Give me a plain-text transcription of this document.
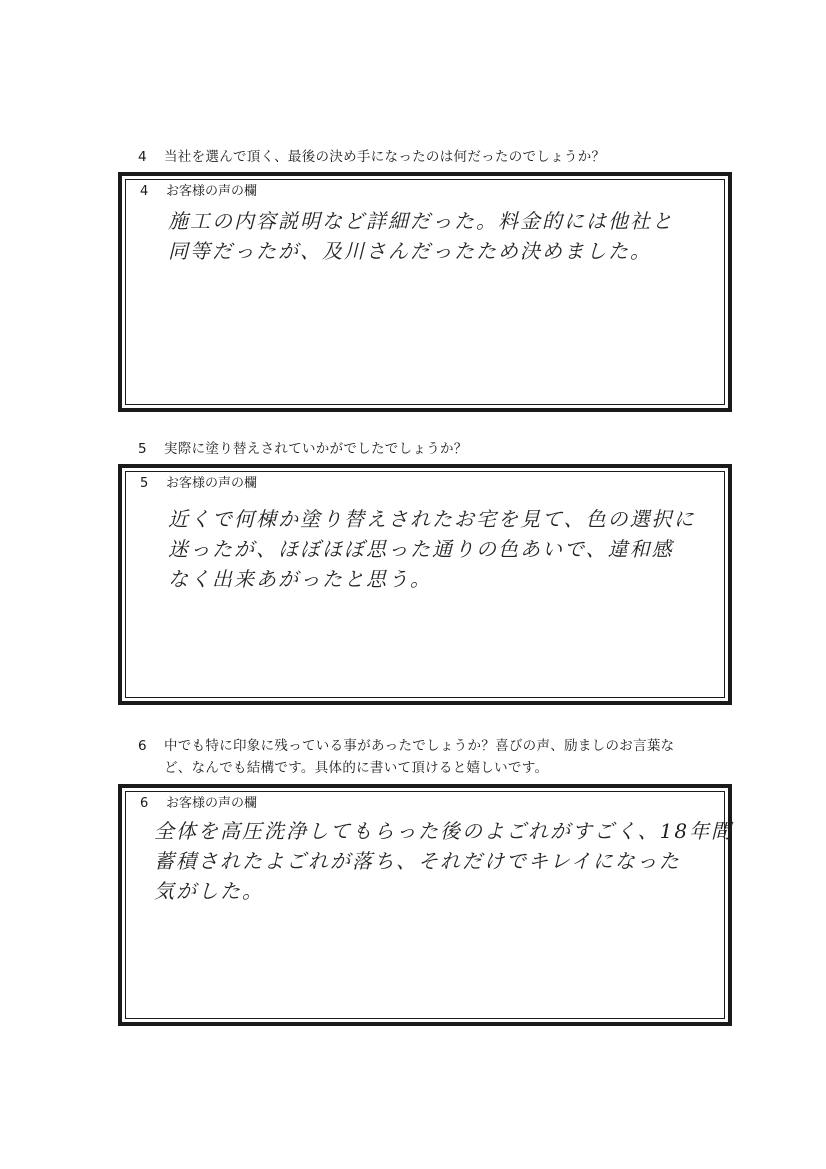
4 当社を選んで頂く、最後の決め手になったのは何だったのでしょうか？
4 お客様の声の欄
施工の内容説明など詳細だった。料金的には他社と
同等だったが、及川さんだったため決めました。
5 実際に塗り替えされていかがでしたでしょうか？
5 お客様の声の欄
近くで何棟か塗り替えされたお宅を見て、色の選択に
迷ったが、ほぼほぼ思った通りの色あいで、違和感
なく出来あがったと思う。
6 中でも特に印象に残っている事があったでしょうか？喜びの声、励ましのお言葉な
ど、なんでも結構です。具体的に書いて頂けると嬉しいです。
6 お客様の声の欄
全体を高圧洗浄してもらった後のよごれがすごく、18年間
蓄積されたよごれが落ち、それだけでキレイになった
気がした。
